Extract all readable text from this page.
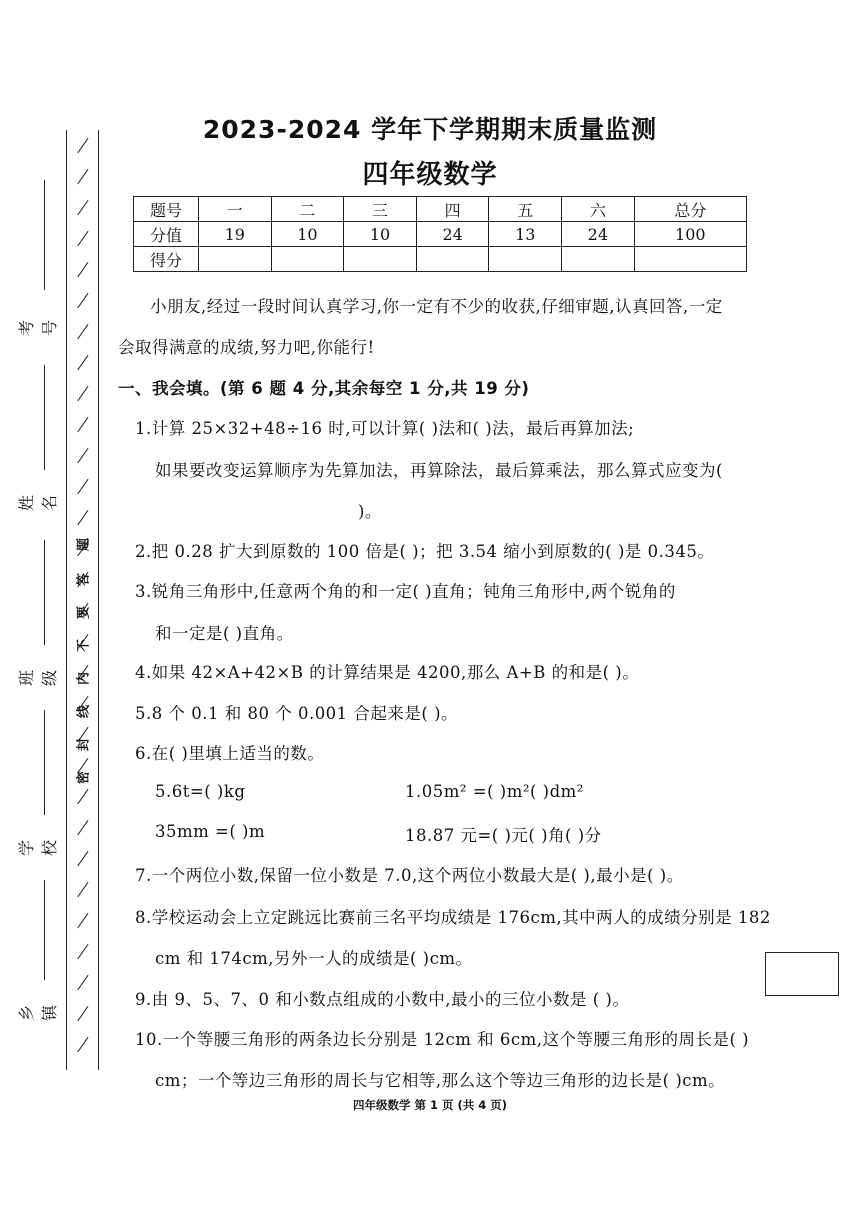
考号
姓名
班级
学校
乡镇
题
答
要
不
内
线
封
密
2023-2024 学年下学期期末质量监测
四年级数学
题号	一	二	三	四	五	六	总分
分值	19	10	10	24	13	24	100
得分							
小朋友,经过一段时间认真学习,你一定有不少的收获,仔细审题,认真回答,一定
会取得满意的成绩,努力吧,你能行!
一、我会填。(第 6 题 4 分,其余每空 1 分,共 19 分)
1.计算 25×32+48÷16 时,可以计算( )法和( )法，最后再算加法;
如果要改变运算顺序为先算加法，再算除法，最后算乘法，那么算式应变为(
)。
2.把 0.28 扩大到原数的 100 倍是( )；把 3.54 缩小到原数的( )是 0.345。
3.锐角三角形中,任意两个角的和一定( )直角；钝角三角形中,两个锐角的
和一定是( )直角。
4.如果 42×A+42×B 的计算结果是 4200,那么 A+B 的和是( )。
5.8 个 0.1 和 80 个 0.001 合起来是( )。
6.在( )里填上适当的数。
5.6t=( )kg	1.05m² =( )m²( )dm²
35mm =( )m	18.87 元=( )元( )角( )分
7.一个两位小数,保留一位小数是 7.0,这个两位小数最大是( ),最小是( )。
8.学校运动会上立定跳远比赛前三名平均成绩是 176cm,其中两人的成绩分别是 182
cm 和 174cm,另外一人的成绩是( )cm。
9.由 9、5、7、0 和小数点组成的小数中,最小的三位小数是 ( )。
10.一个等腰三角形的两条边长分别是 12cm 和 6cm,这个等腰三角形的周长是( )
cm；一个等边三角形的周长与它相等,那么这个等边三角形的边长是( )cm。
四年级数学 第 1 页 (共 4 页)
